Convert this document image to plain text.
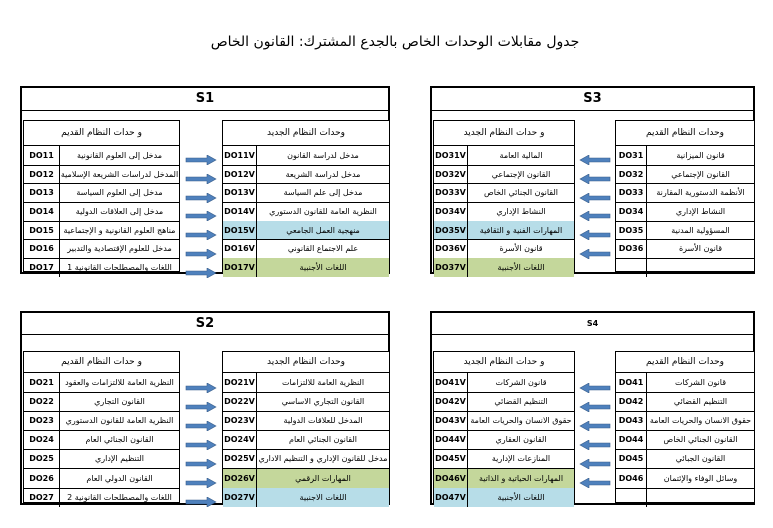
جدول مقابلات الوحدات الخاص بالجدع المشترك: القانون الخاص
S1
و حدات النظام القديم
DO11	مدخل إلى العلوم القانونية
DO12 المدخل لدراسات الشريعة الإسلامية
DO13	مدخل إلى العلوم السياسة
DO14	مدخل إلى العلاقات الدولية
DO15	مناهج العلوم القانونية و الإجتماعية
DO16	مدخل للعلوم الإقتصادية والتدبير
DO17	اللغات والمصطلحات القانونية 1
وحدات النظام الجديد
DO11V	مدخل لدراسة القانون
DO12V	مدخل لدراسة الشريعة
DO13V	مدخل إلى علم السياسة
DO14V	النظرية العامة للقانون الدستوري
DO15V	منهجية العمل الجامعي
DO16V	علم الاجتماع القانوني
DO17V	اللغات الأجنبية
S3
و حدات النظام الجديد
DO31V	المالية العامة
DO32V	القانون الإجتماعي
DO33V	القانون الجنائي الخاص
DO34V	النشاط الإداري
DO35V	المهارات الفنية و الثقافية
DO36V	قانون الأسرة
DO37V	اللغات الأجنبية
وحدات النظام القديم
DO31	قانون الميزانية
DO32	القانون الإجتماعي
DO33	الأنظمة الدستورية المقارنة
DO34	النشاط الإداري
DO35	المسؤولية المدنية
DO36	قانون الأسرة
S2
و حدات النظام القديم
DO21	النظرية العامة للالتزامات والعقود
DO22	القانون التجاري
DO23	النظرية العامة للقانون الدستوري
DO24	القانون الجنائي العام
DO25	التنظيم الإداري
DO26	القانون الدولي العام
DO27	اللغات والمصطلحات القانونية 2
وحدات النظام الجديد
DO21V	النظرية العامة للالتزامات
DO22V	القانون التجاري الاساسي
DO23V	المدخل للعلاقات الدولية
DO24V	القانون الجنائي العام
DO25V مدخل للقانون الإداري و التنظيم الاداري
DO26V	المهارات الرقمي
DO27V	اللغات الاجنبية
S4
و حدات النظام الجديد
DO41V	قانون الشركات
DO42V	التنظيم القضائي
DO43V حقوق الانسان والحريات العامة
DO44V	القانون العقاري
DO45V	المنازعات الإدارية
DO46V	المهارات الحياتية و الذاتية
DO47V	اللغات الأجنبية
وحدات النظام القديم
DO41	قانون الشركات
DO42	التنظيم القضائي
DO43 حقوق الانسان والحريات العامة
DO44	القانون الجنائي الخاص
DO45	القانون الجبائي
DO46	وسائل الوفاء والإئتمان
